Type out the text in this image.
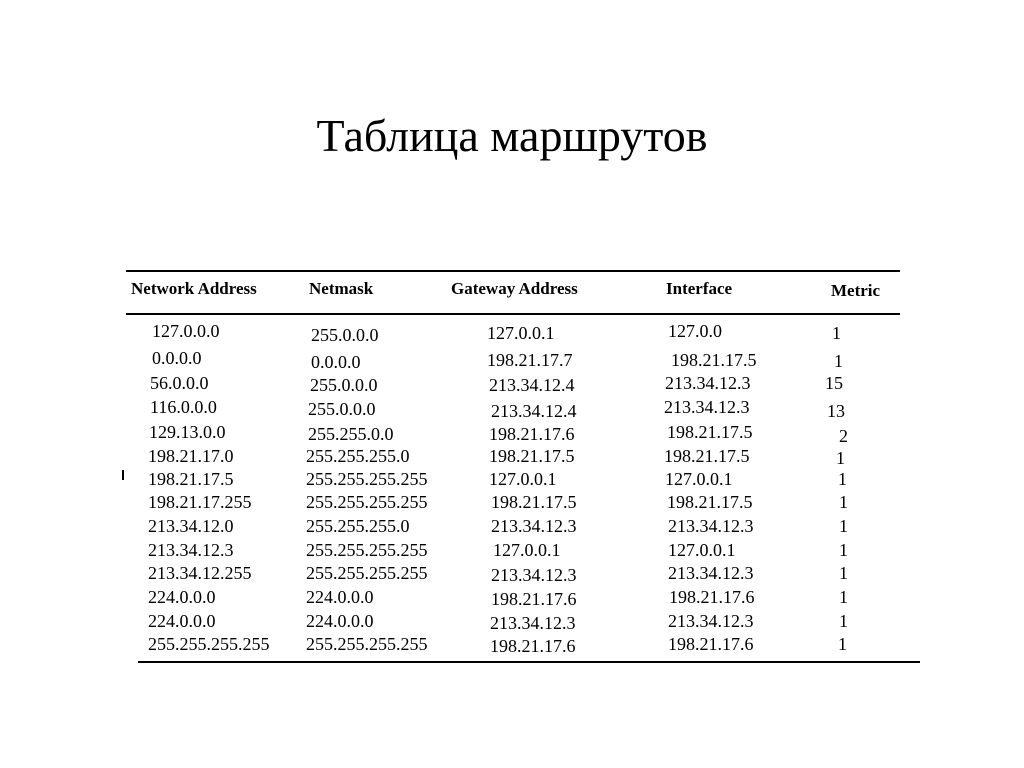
Таблица маршрутов
Network Address	Netmask	Gateway Address	Interface	Metric
127.0.0.0	255.0.0.0	127.0.0.1	127.0.0	1
0.0.0.0	0.0.0.0	198.21.17.7	198.21.17.5	1
56.0.0.0	255.0.0.0	213.34.12.4	213.34.12.3	15
116.0.0.0	255.0.0.0	213.34.12.4	213.34.12.3	13
129.13.0.0	255.255.0.0	198.21.17.6	198.21.17.5	2
198.21.17.0	255.255.255.0	198.21.17.5	198.21.17.5	1
198.21.17.5	255.255.255.255	127.0.0.1	127.0.0.1	1
198.21.17.255	255.255.255.255	198.21.17.5	198.21.17.5	1
213.34.12.0	255.255.255.0	213.34.12.3	213.34.12.3	1
213.34.12.3	255.255.255.255	127.0.0.1	127.0.0.1	1
213.34.12.255	255.255.255.255	213.34.12.3	213.34.12.3	1
224.0.0.0	224.0.0.0	198.21.17.6	198.21.17.6	1
224.0.0.0	224.0.0.0	213.34.12.3	213.34.12.3	1
255.255.255.255 255.255.255.255	198.21.17.6	198.21.17.6	1
